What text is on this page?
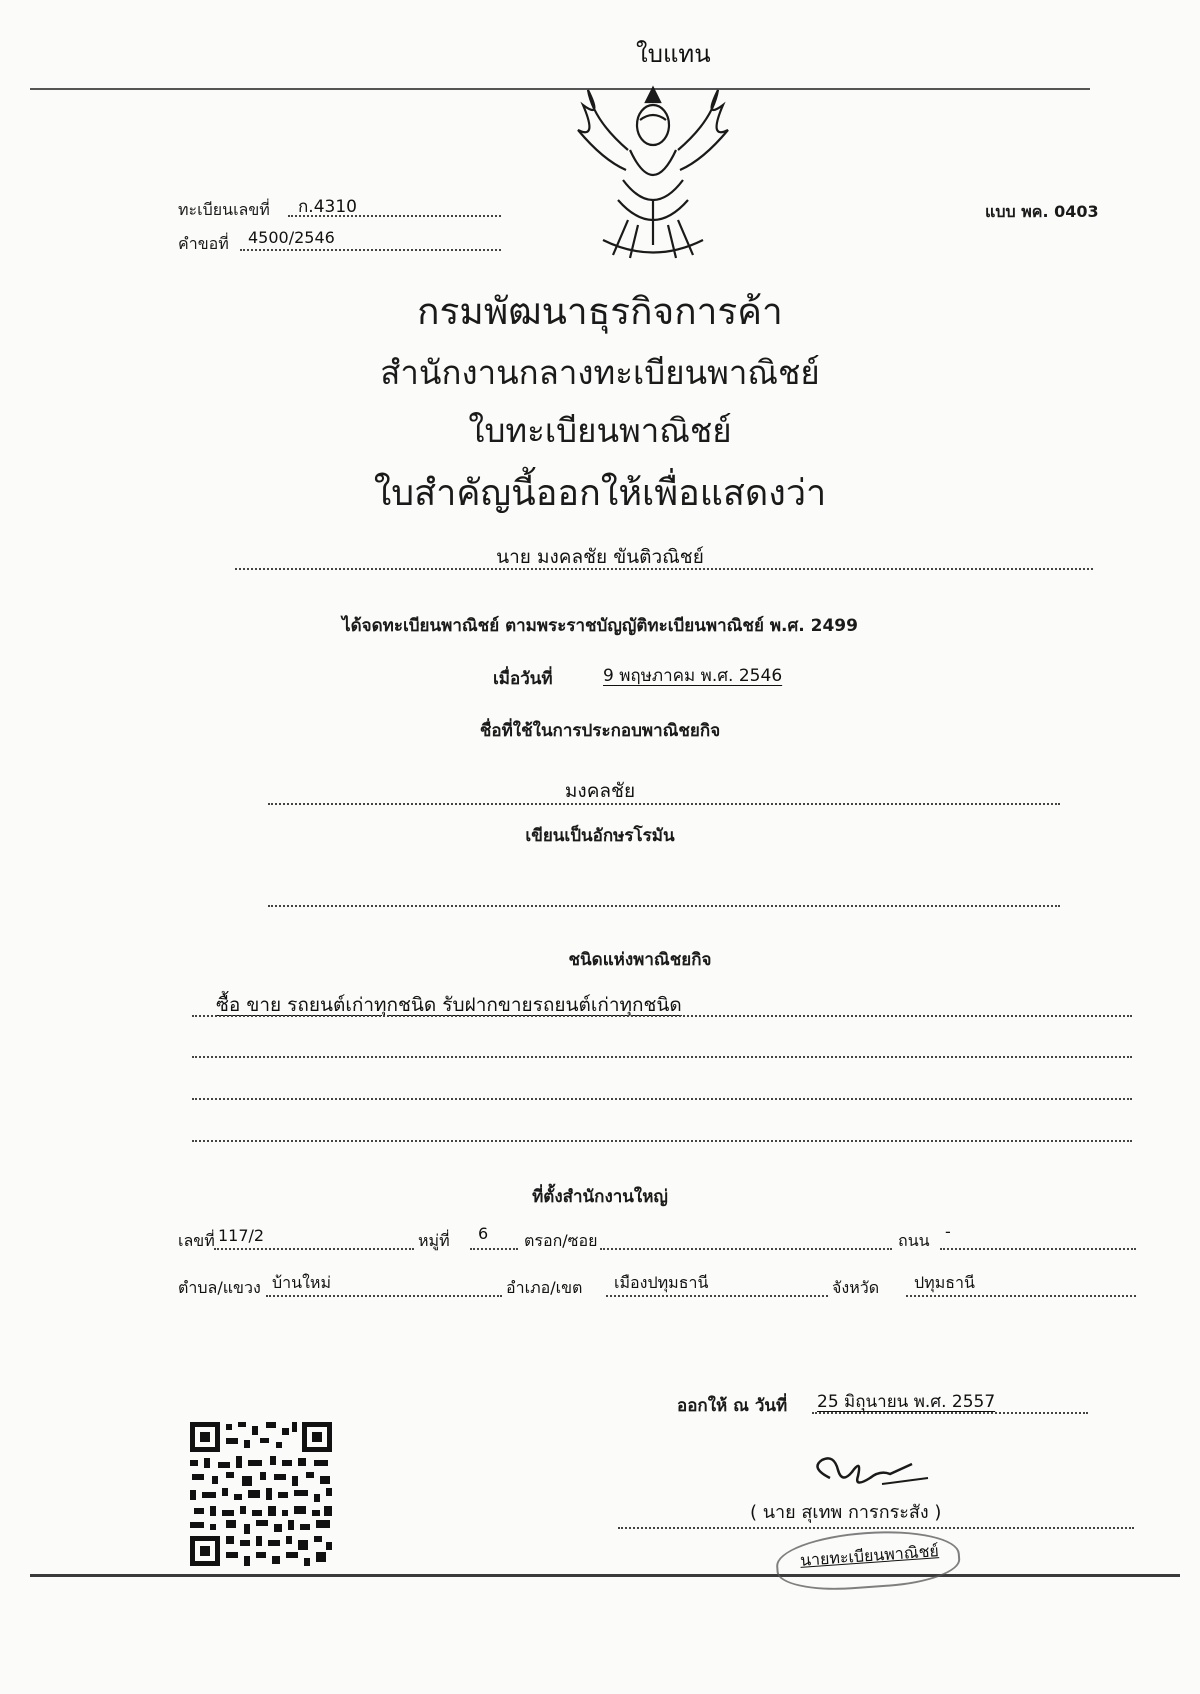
ใบแทน
ทะเบียนเลขที่ ก.4310
คำขอที่ 4500/2546
แบบ พค. 0403
กรมพัฒนาธุรกิจการค้า
สำนักงานกลางทะเบียนพาณิชย์
ใบทะเบียนพาณิชย์
ใบสำคัญนี้ออกให้เพื่อแสดงว่า
นาย มงคลชัย ขันติวณิชย์
ได้จดทะเบียนพาณิชย์ ตามพระราชบัญญัติทะเบียนพาณิชย์ พ.ศ. 2499
เมื่อวันที่	9 พฤษภาคม พ.ศ. 2546
ชื่อที่ใช้ในการประกอบพาณิชยกิจ
มงคลชัย
เขียนเป็นอักษรโรมัน
ชนิดแห่งพาณิชยกิจ
ซื้อ ขาย รถยนต์เก่าทุกชนิด รับฝากขายรถยนต์เก่าทุกชนิด
ที่ตั้งสำนักงานใหญ่
เลขที่ 117/2	หมู่ที่ 6 ตรอก/ซอย	ถนน -
ตำบล/แขวง บ้านใหม่	อำเภอ/เขต เมืองปทุมธานี	จังหวัด ปทุมธานี
ออกให้ ณ วันที่ 25 มิถุนายน พ.ศ. 2557
( นาย สุเทพ การกระสัง )
นายทะเบียนพาณิชย์
